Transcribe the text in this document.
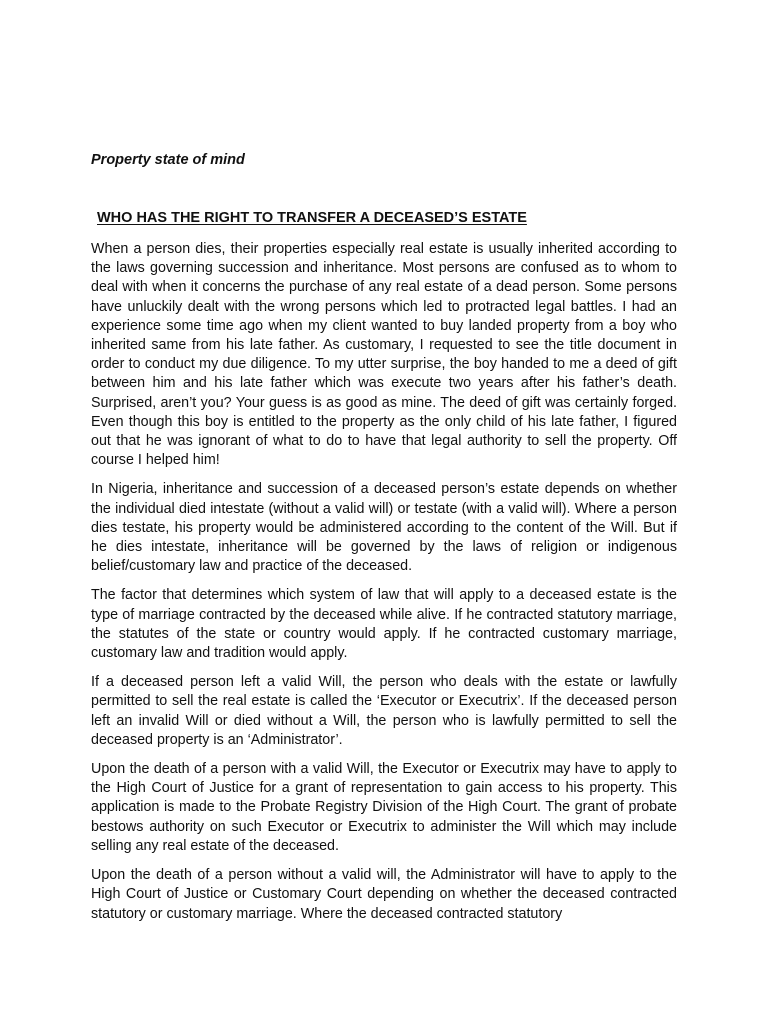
Property state of mind

WHO HAS THE RIGHT TO TRANSFER A DECEASED’S ESTATE

When a person dies, their properties especially real estate is usually inherited according to the laws governing succession and inheritance. Most persons are confused as to whom to deal with when it concerns the purchase of any real estate of a dead person. Some persons have unluckily dealt with the wrong persons which led to protracted legal battles. I had an experience some time ago when my client wanted to buy landed property from a boy who inherited same from his late father. As customary, I requested to see the title document in order to conduct my due diligence. To my utter surprise, the boy handed to me a deed of gift between him and his late father which was execute two years after his father’s death. Surprised, aren’t you? Your guess is as good as mine. The deed of gift was certainly forged. Even though this boy is entitled to the property as the only child of his late father, I figured out that he was ignorant of what to do to have that legal authority to sell the property. Off course I helped him!

In Nigeria, inheritance and succession of a deceased person’s estate depends on whether the individual died intestate (without a valid will) or testate (with a valid will). Where a person dies testate, his property would be administered according to the content of the Will. But if he dies intestate, inheritance will be governed by the laws of religion or indigenous belief/customary law and practice of the deceased.

The factor that determines which system of law that will apply to a deceased estate is the type of marriage contracted by the deceased while alive. If he contracted statutory marriage, the statutes of the state or country would apply. If he contracted customary marriage, customary law and tradition would apply.

If a deceased person left a valid Will, the person who deals with the estate or lawfully permitted to sell the real estate is called the ‘Executor or Executrix’. If the deceased person left an invalid Will or died without a Will, the person who is lawfully permitted to sell the deceased property is an ‘Administrator’.

Upon the death of a person with a valid Will, the Executor or Executrix may have to apply to the High Court of Justice for a grant of representation to gain access to his property. This application is made to the Probate Registry Division of the High Court. The grant of probate bestows authority on such Executor or Executrix to administer the Will which may include selling any real estate of the deceased.

Upon the death of a person without a valid will, the Administrator will have to apply to the High Court of Justice or Customary Court depending on whether the deceased contracted statutory or customary marriage. Where the deceased contracted statutory
